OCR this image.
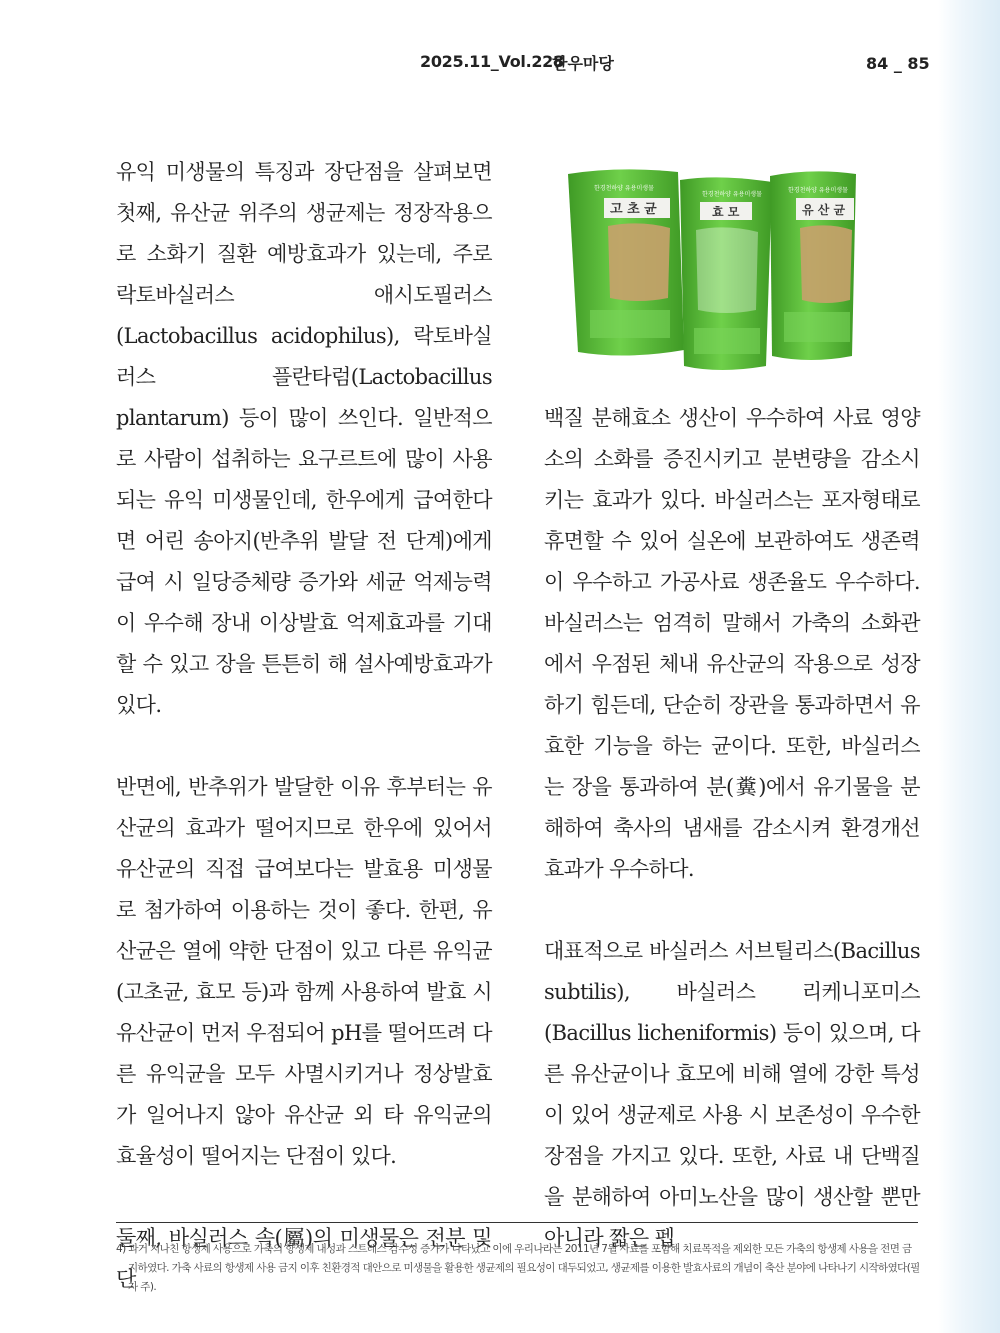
2025.11_Vol.228
한우마당	84 _ 85

유익 미생물의 특징과 장단점을 살펴보면 첫째, 유산균 위주의 생균제는 정장작용으로 소화기 질환 예방효과가 있는데, 주로 락토바실러스 애시도필러스(Lactobacillus acidophilus), 락토바실러스 플란타럼(Lactobacillus plantarum) 등이 많이 쓰인다. 일반적으로 사람이 섭취하는 요구르트에 많이 사용되는 유익 미생물인데, 한우에게 급여한다면 어린 송아지(반추위 발달 전 단계)에게 급여 시 일당증체량 증가와 세균 억제능력이 우수해 장내 이상발효 억제효과를 기대할 수 있고 장을 튼튼히 해 설사예방효과가 있다.

반면에, 반추위가 발달한 이유 후부터는 유산균의 효과가 떨어지므로 한우에 있어서 유산균의 직접 급여보다는 발효용 미생물로 첨가하여 이용하는 것이 좋다. 한편, 유산균은 열에 약한 단점이 있고 다른 유익균(고초균, 효모 등)과 함께 사용하여 발효 시 유산균이 먼저 우점되어 pH를 떨어뜨려 다른 유익균을 모두 사멸시키거나 정상발효가 일어나지 않아 유산균 외 타 유익균의 효율성이 떨어지는 단점이 있다.

둘째, 바실러스 속(屬)의 미생물은 전분 및 단

한경천하양 유용미생물
고 초 균
한경천하양 유용미생물
효 모
한경천하양 유용미생물
유 산 균

백질 분해효소 생산이 우수하여 사료 영양소의 소화를 증진시키고 분변량을 감소시키는 효과가 있다. 바실러스는 포자형태로 휴면할 수 있어 실온에 보관하여도 생존력이 우수하고 가공사료 생존율도 우수하다. 바실러스는 엄격히 말해서 가축의 소화관에서 우점된 체내 유산균의 작용으로 성장하기 힘든데, 단순히 장관을 통과하면서 유효한 기능을 하는 균이다. 또한, 바실러스는 장을 통과하여 분(糞)에서 유기물을 분해하여 축사의 냄새를 감소시켜 환경개선 효과가 우수하다.

대표적으로 바실러스 서브틸리스(Bacillus subtilis), 바실러스 리케니포미스(Bacillus licheniformis) 등이 있으며, 다른 유산균이나 효모에 비해 열에 강한 특성이 있어 생균제로 사용 시 보존성이 우수한 장점을 가지고 있다. 또한, 사료 내 단백질을 분해하여 아미노산을 많이 생산할 뿐만 아니라 짧은 펩

4) 과거 지나친 항생제 사용으로 가축의 항생제 내성과 스트레스 감수성 증가가 나타났고 이에 우리나라는 2011년 7월 사료를 포함해 치료목적을 제외한 모든 가축의 항생제 사용을 전면 금지하였다. 가축 사료의 항생제 사용 금지 이후 친환경적 대안으로 미생물을 활용한 생균제의 필요성이 대두되었고, 생균제를 이용한 발효사료의 개념이 축산 분야에 나타나기 시작하였다(필자 주).
